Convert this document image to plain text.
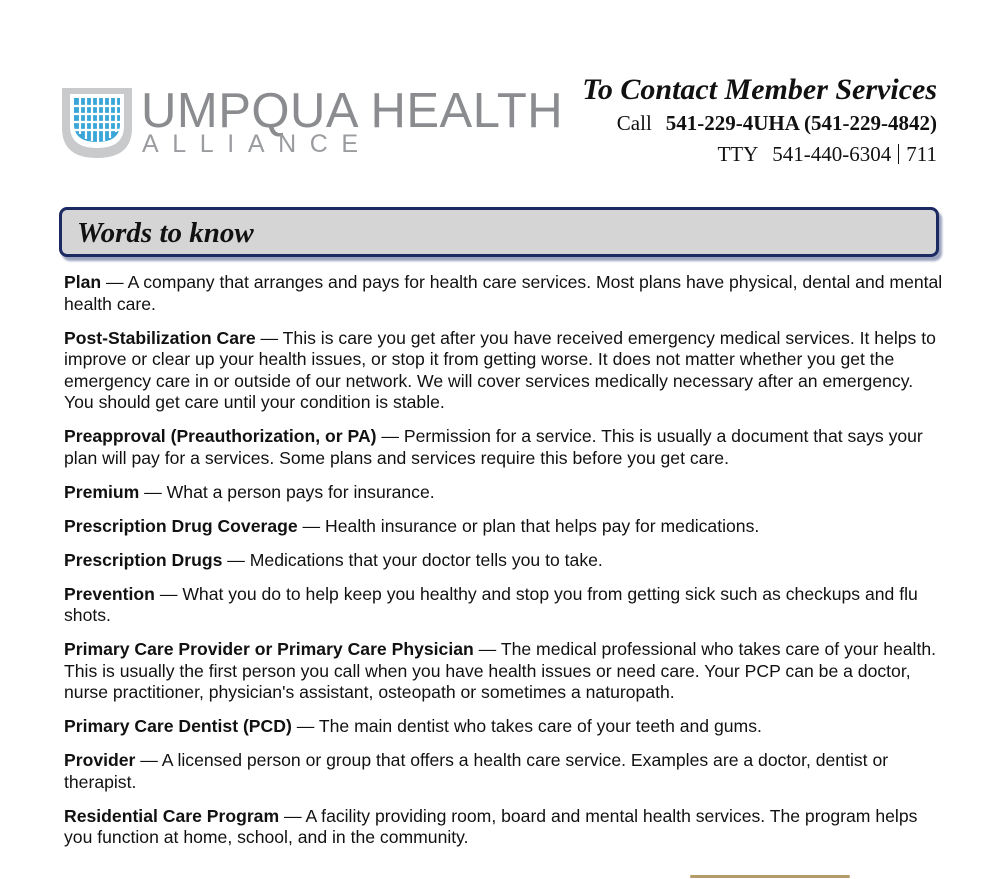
UMPQUA HEALTH
ALLIANCE
To Contact Member Services
Call 541-229-4UHA (541-229-4842)
TTY 541-440-6304 711
Words to know

Plan — A company that arranges and pays for health care services. Most plans have physical, dental and mental health care.

Post-Stabilization Care — This is care you get after you have received emergency medical services. It helps to improve or clear up your health issues, or stop it from getting worse. It does not matter whether you get the emergency care in or outside of our network. We will cover services medically necessary after an emergency. You should get care until your condition is stable.

Preapproval (Preauthorization, or PA) — Permission for a service. This is usually a document that says your plan will pay for a services. Some plans and services require this before you get care.

Premium — What a person pays for insurance.

Prescription Drug Coverage — Health insurance or plan that helps pay for medications.

Prescription Drugs — Medications that your doctor tells you to take.

Prevention — What you do to help keep you healthy and stop you from getting sick such as checkups and flu shots.

Primary Care Provider or Primary Care Physician — The medical professional who takes care of your health. This is usually the first person you call when you have health issues or need care. Your PCP can be a doctor, nurse practitioner, physician's assistant, osteopath or sometimes a naturopath.

Primary Care Dentist (PCD) — The main dentist who takes care of your teeth and gums.

Provider — A licensed person or group that offers a health care service. Examples are a doctor, dentist or therapist.

Residential Care Program — A facility providing room, board and mental health services. The program helps you function at home, school, and in the community.
